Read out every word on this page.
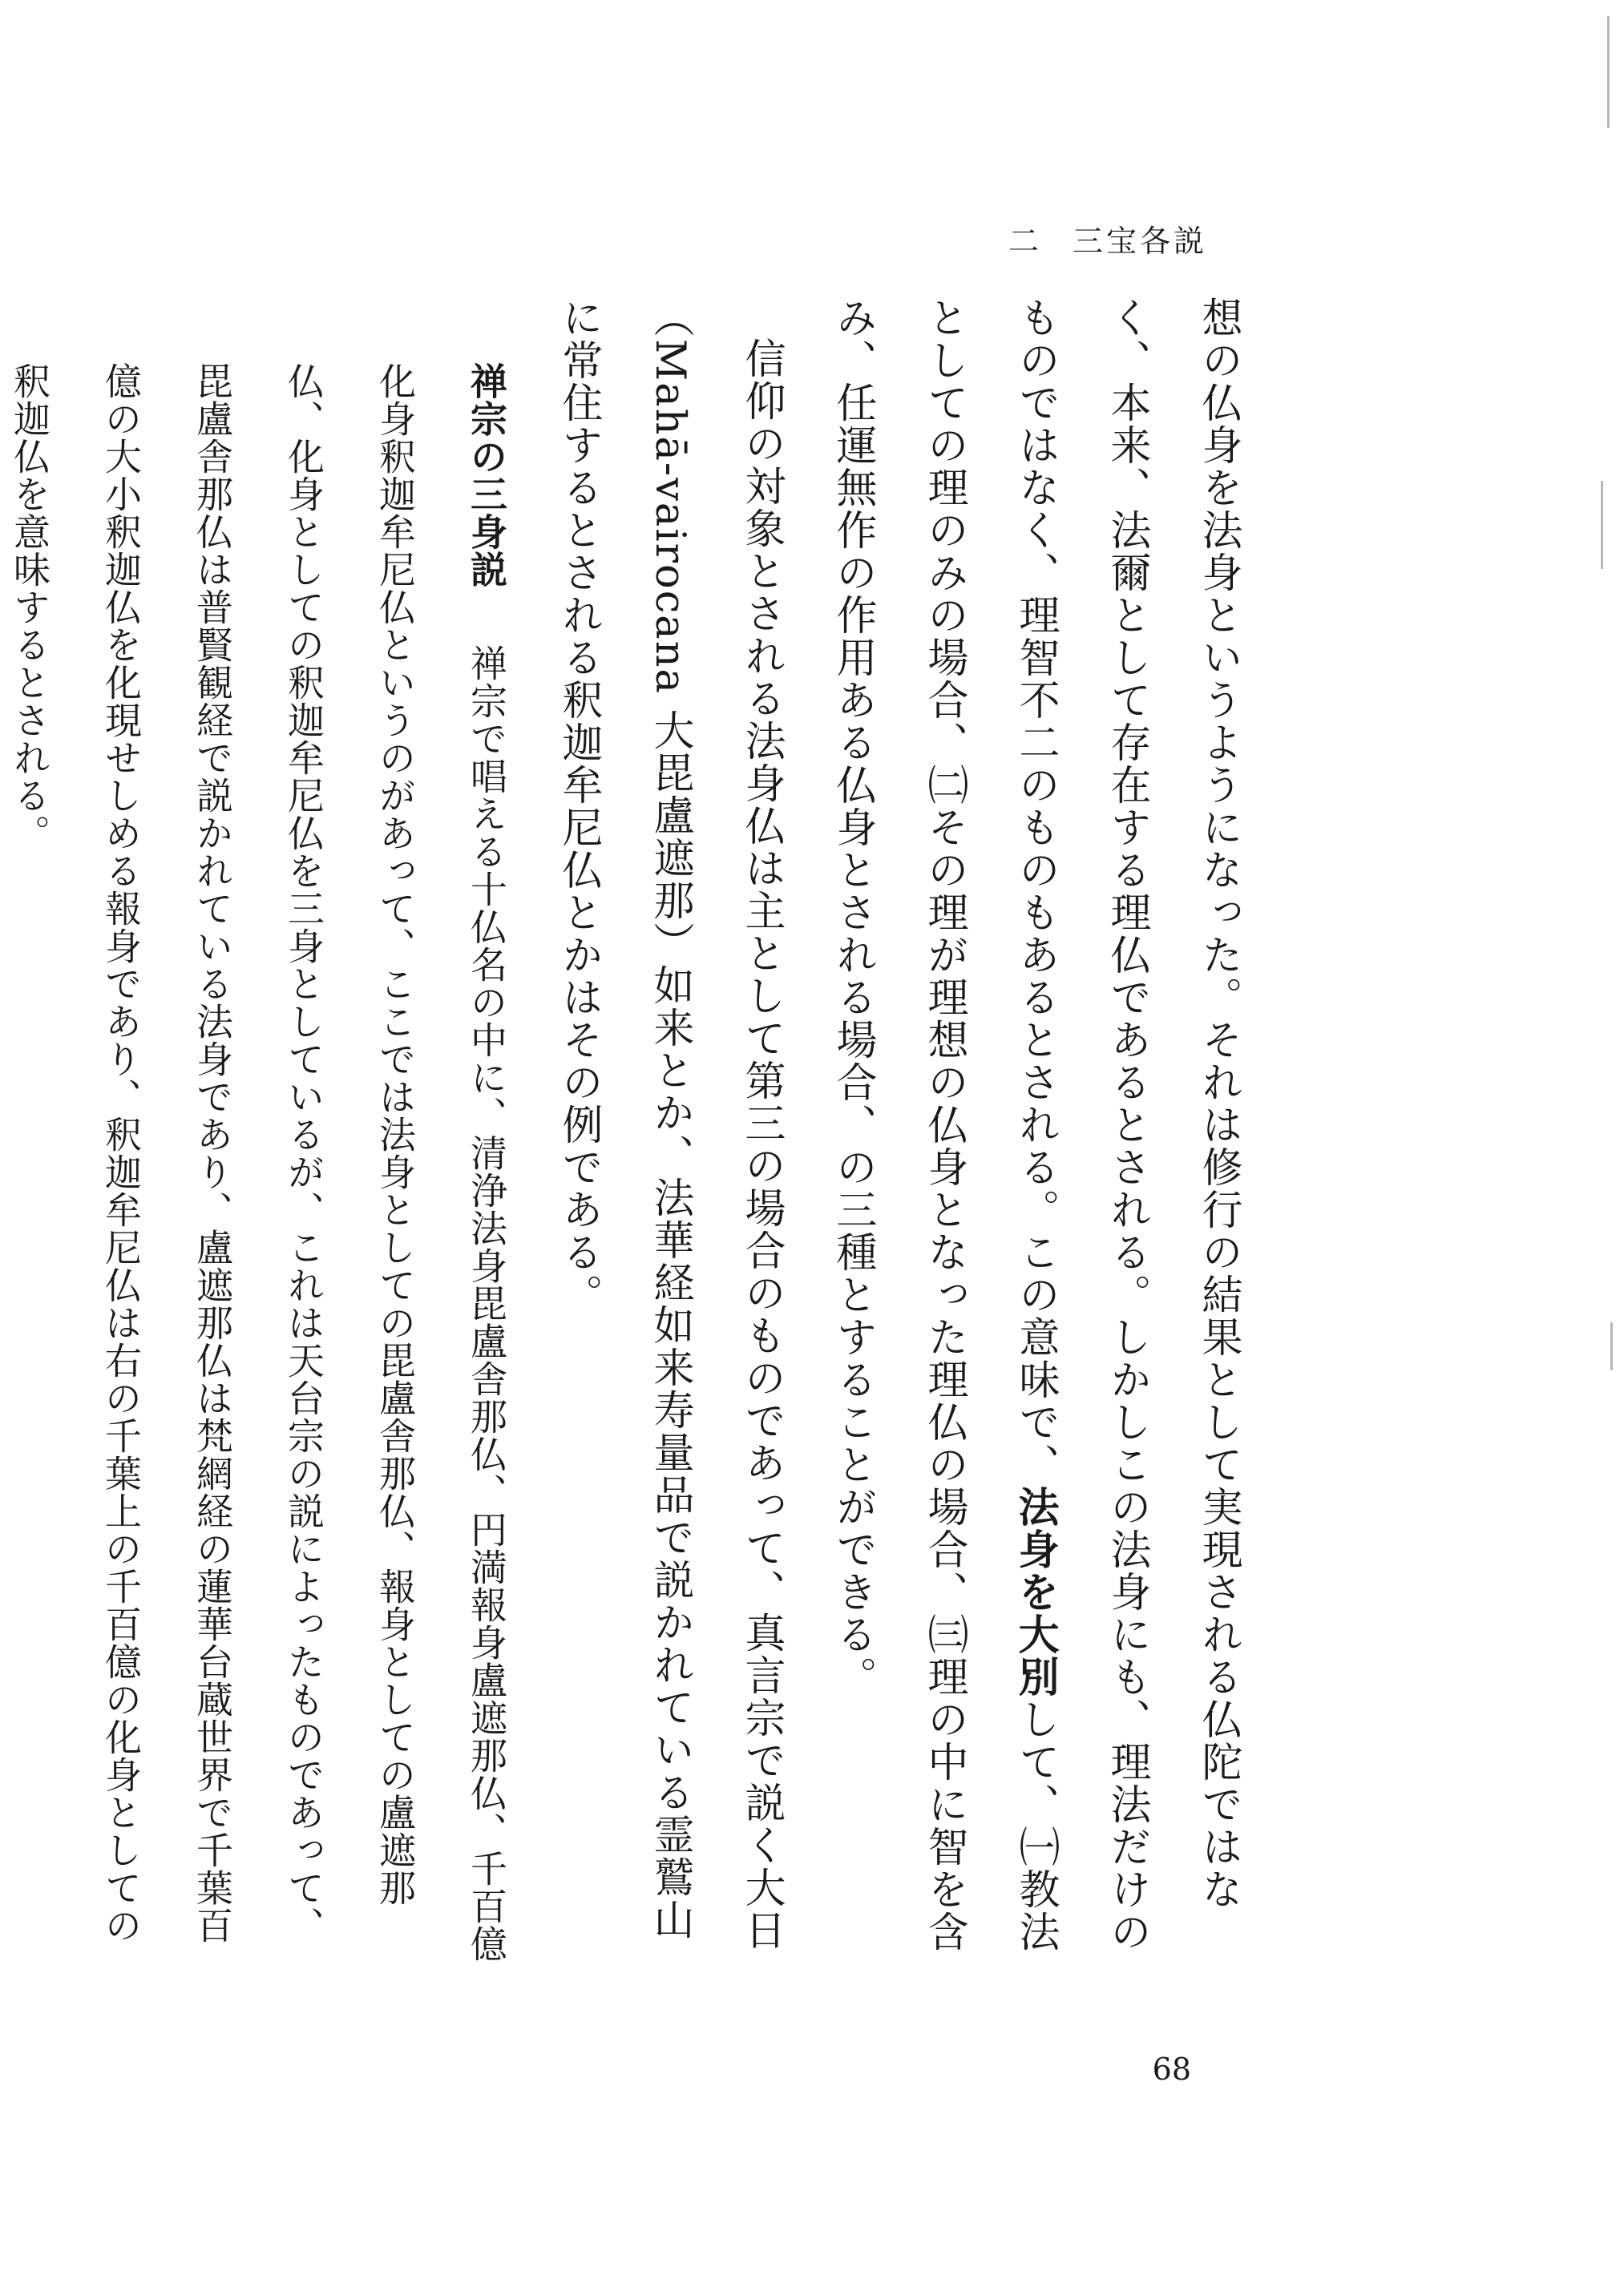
二 三宝各説

想の仏身を法身というようになった。それは修行の結果として実現される仏陀ではなく、本来、法爾として存在する理仏であるとされる。しかしこの法身にも、理法だけのものではなく、理智不二のものもあるとされる。この意味で、法身を大別して、㈠教法としての理のみの場合、㈡その理が理想の仏身となった理仏の場合、㈢理の中に智を含み、任運無作の作用ある仏身とされる場合、の三種とすることができる。

信仰の対象とされる法身仏は主として第三の場合のものであって、真言宗で説く大日（Mahā-vairocana 大毘盧遮那）如来とか、法華経如来寿量品で説かれている霊鷲山に常住するとされる釈迦牟尼仏とかはその例である。

禅宗の三身説　禅宗で唱える十仏名の中に、清浄法身毘盧舎那仏、円満報身盧遮那仏、千百億化身釈迦牟尼仏というのがあって、ここでは法身としての毘盧舎那仏、報身としての盧遮那仏、化身としての釈迦牟尼仏を三身としているが、これは天台宗の説によったものであって、毘盧舎那仏は普賢観経で説かれている法身であり、盧遮那仏は梵網経の蓮華台蔵世界で千葉百億の大小釈迦仏を化現せしめる報身であり、釈迦牟尼仏は右の千葉上の千百億の化身としての釈迦仏を意味するとされる。

68
